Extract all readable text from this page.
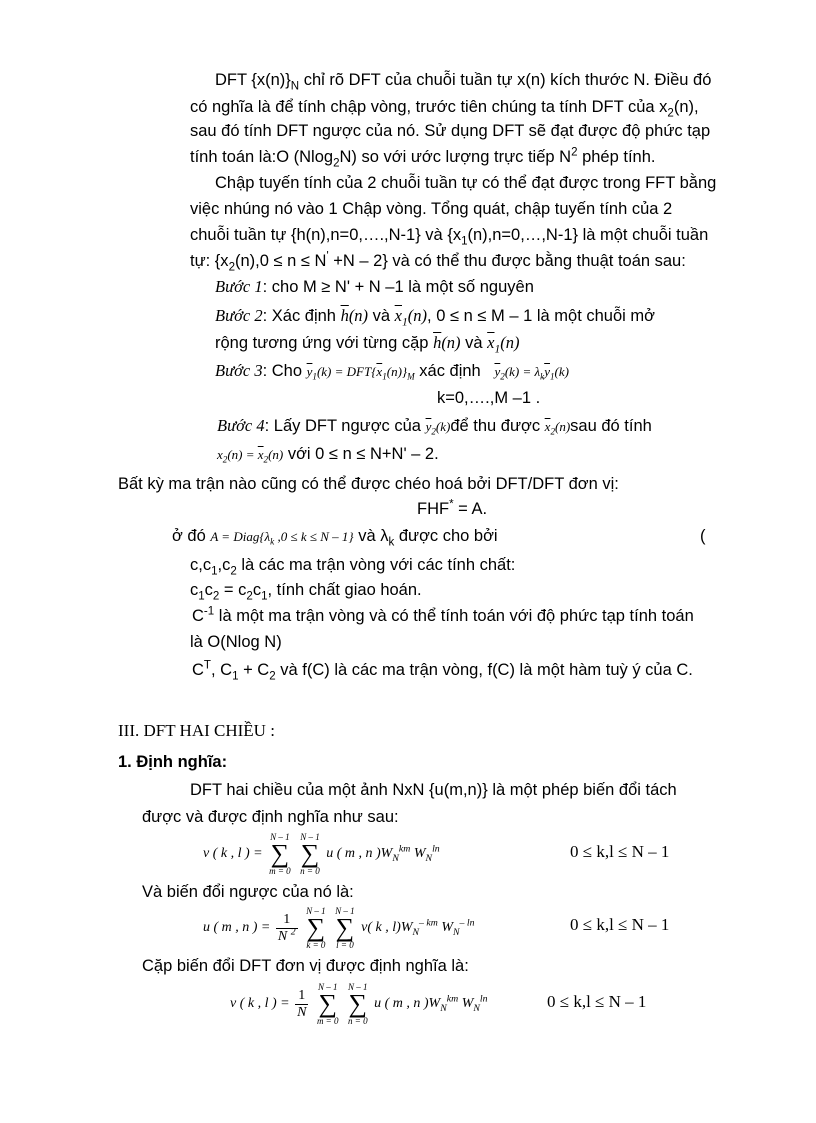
DFT $\{x(n)\}_N$ chỉ rõ DFT của chuỗi tuần tự x(n) kích thước N. Điều đó
có nghĩa là để tính chập vòng, trước tiên chúng ta tính DFT của $x_2(n)$,
sau đó tính DFT ngược của nó. Sử dụng DFT sẽ đạt được độ phức tạp
tính toán là:O (Nlog$_2$N) so với ước lượng trực tiếp $N^2$ phép tính.
Chập tuyến tính của 2 chuỗi tuần tự có thể đạt được trong FFT bằng
việc nhúng nó vào 1 Chập vòng. Tổng quát, chập tuyến tính của 2
chuỗi tuần tự {h(n),n=0,….,N-1} và $\{x_1(n),n=0,\dots,N-1\}$ là một chuỗi tuần
tự: $\{x_2(n),0 \le n \le N' +N - 2\}$ và có thể thu được bằng thuật toán sau:
Bước 1: cho M ≥ N' + N –1 là một số nguyên
Bước 2: Xác định $\overline{h}(n)$ và $\overline{x}_1(n)$, 0 ≤ n ≤ M – 1 là một chuỗi mở
rộng tương ứng với từng cặp $\overline{h}(n)$ và $\overline{x}_1(n)$
Bước 3: Cho $\overline{y}_1(k) = DFT\{\overline{x}_1(n)\}_M$ xác định   $\overline{y}_2(k) = \lambda_k\overline{y}_1(k)$
k=0,….,M –1 .
Bước 4: Lấy DFT ngược của $\overline{y}_2(k)để$ thu được $\overline{x}_2(n)sau$ đó tính
$x_2(n) = \overline{x}_2(n)$ với 0 ≤ n ≤ N+N' – 2.
Bất kỳ ma trận nào cũng có thể được chéo hoá bởi DFT/DFT đơn vị:
FHF* = A.
ở đó $A = Diag\{\lambda_k$ ,0 ≤ k ≤ N – 1} và $\lambda_k$ được cho bởi	(
$c,c_1,c_2$ là các ma trận vòng với các tính chất:
$c_1c_2 = c_2c_1$, tính chất giao hoán.
$C^{-1}$ là một ma trận vòng và có thể tính toán với độ phức tạp tính toán
là O(Nlog N)
$C^T$, $C_1 + C_2$ và f(C) là các ma trận vòng, f(C) là một hàm tuỳ ý của C.
III. DFT HAI CHIỀU :
1. Định nghĩa:
DFT hai chiều của một ảnh NxN {u(m,n)} là một phép biến đổi tách
được và được định nghĩa như sau:
v ( k , l ) =
N – 1
∑
m = 0

N – 1
∑
n = 0
u ( m , n )$W_N^{km}$ $W_N^{ln}$	0 ≤ k,l ≤ N – 1
Và biến đổi ngược của nó là:
u ( m , n ) = $\frac{1}{N ^2}$

N – 1
∑
k = 0

N – 1
∑
l = 0
v( k , $l)W_N^{- km}$ $W_N^{- ln}$	0 ≤ k,l ≤ N – 1
Cặp biến đổi DFT đơn vị được định nghĩa là:
v ( k , l ) = $\frac{1}{N}$

N – 1
∑
m = 0

N – 1
∑
n = 0
u ( m , n )$W_N^{km}$ $W_N^{ln}$	0 ≤ k,l ≤ N – 1
